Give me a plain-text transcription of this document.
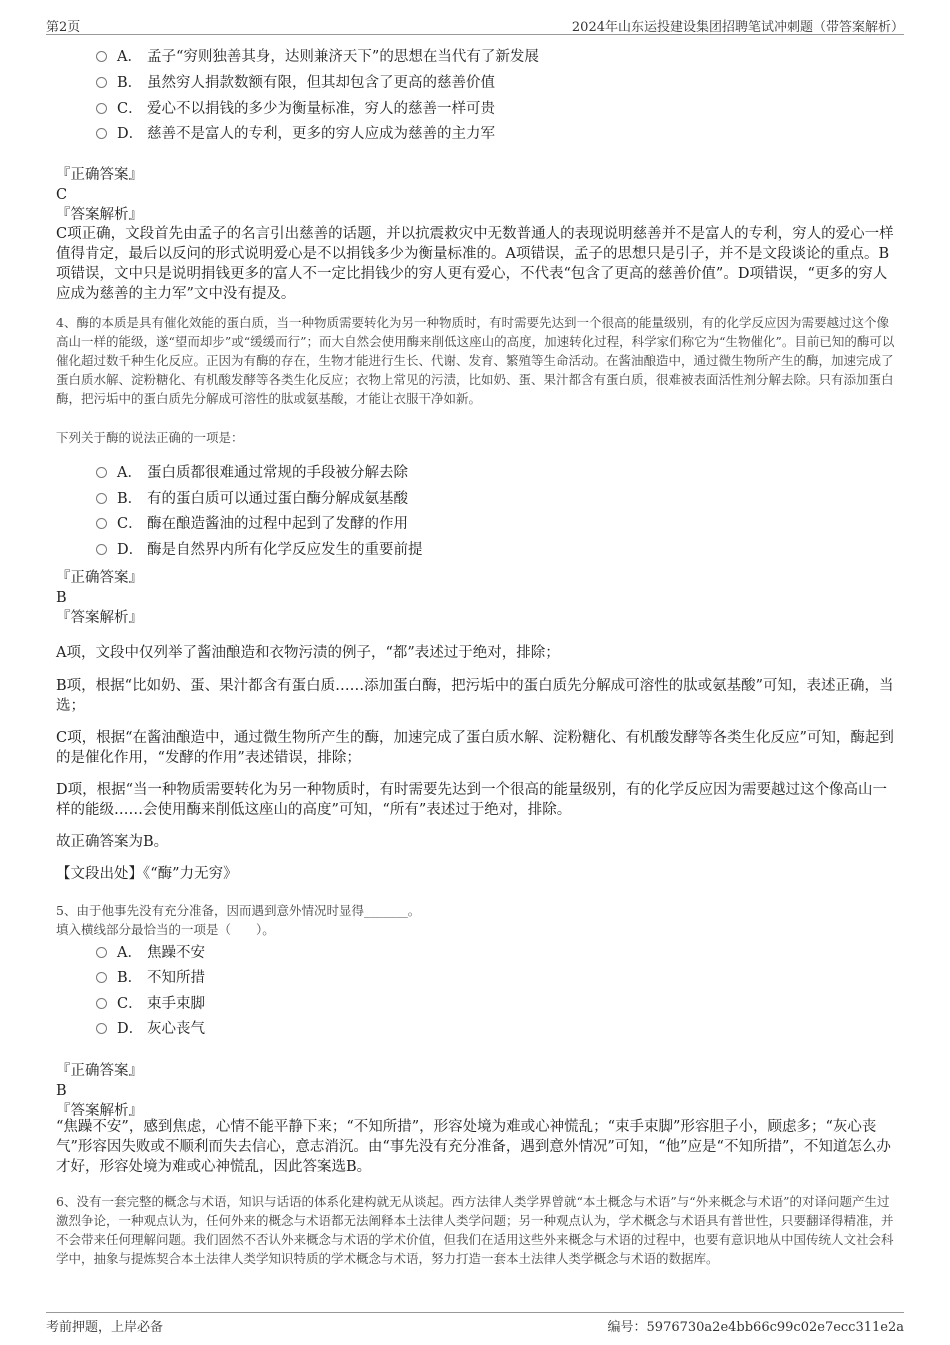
第2页	2024年山东运投建设集团招聘笔试冲刺题（带答案解析）
A． 孟子“穷则独善其身，达则兼济天下”的思想在当代有了新发展
B． 虽然穷人捐款数额有限，但其却包含了更高的慈善价值
C． 爱心不以捐钱的多少为衡量标准，穷人的慈善一样可贵
D． 慈善不是富人的专利，更多的穷人应成为慈善的主力军
『正确答案』
C
『答案解析』
C项正确，文段首先由孟子的名言引出慈善的话题，并以抗震救灾中无数普通人的表现说明慈善并不是富人的专利，穷人的爱心一样值得肯定，最后以反问的形式说明爱心是不以捐钱多少为衡量标准的。A项错误，孟子的思想只是引子，并不是文段谈论的重点。B项错误，文中只是说明捐钱更多的富人不一定比捐钱少的穷人更有爱心，不代表“包含了更高的慈善价值”。D项错误，“更多的穷人应成为慈善的主力军”文中没有提及。
4、酶的本质是具有催化效能的蛋白质，当一种物质需要转化为另一种物质时，有时需要先达到一个很高的能量级别，有的化学反应因为需要越过这个像高山一样的能级，遂“望而却步”或“缓缓而行”；而大自然会使用酶来削低这座山的高度，加速转化过程，科学家们称它为“生物催化”。目前已知的酶可以催化超过数千种生化反应。正因为有酶的存在，生物才能进行生长、代谢、发育、繁殖等生命活动。在酱油酿造中，通过微生物所产生的酶，加速完成了蛋白质水解、淀粉糖化、有机酸发酵等各类生化反应；衣物上常见的污渍，比如奶、蛋、果汁都含有蛋白质，很难被表面活性剂分解去除。只有添加蛋白酶，把污垢中的蛋白质先分解成可溶性的肽或氨基酸，才能让衣服干净如新。
下列关于酶的说法正确的一项是：
A． 蛋白质都很难通过常规的手段被分解去除
B． 有的蛋白质可以通过蛋白酶分解成氨基酸
C． 酶在酿造酱油的过程中起到了发酵的作用
D． 酶是自然界内所有化学反应发生的重要前提
『正确答案』
B
『答案解析』
A项，文段中仅列举了酱油酿造和衣物污渍的例子，“都”表述过于绝对，排除；
B项，根据“比如奶、蛋、果汁都含有蛋白质……添加蛋白酶，把污垢中的蛋白质先分解成可溶性的肽或氨基酸”可知，表述正确，当选；
C项，根据“在酱油酿造中，通过微生物所产生的酶，加速完成了蛋白质水解、淀粉糖化、有机酸发酵等各类生化反应”可知，酶起到的是催化作用，“发酵的作用”表述错误，排除；
D项，根据“当一种物质需要转化为另一种物质时，有时需要先达到一个很高的能量级别，有的化学反应因为需要越过这个像高山一样的能级……会使用酶来削低这座山的高度”可知，“所有”表述过于绝对，排除。
故正确答案为B。
【文段出处】《“酶”力无穷》
5、由于他事先没有充分准备，因而遇到意外情况时显得_______。
填入横线部分最恰当的一项是（　　）。
A． 焦躁不安
B． 不知所措
C． 束手束脚
D． 灰心丧气
『正确答案』
B
『答案解析』
“焦躁不安”，感到焦虑，心情不能平静下来；“不知所措”，形容处境为难或心神慌乱；“束手束脚”形容胆子小，顾虑多；“灰心丧气”形容因失败或不顺利而失去信心，意志消沉。由“事先没有充分准备，遇到意外情况”可知，“他”应是“不知所措”，不知道怎么办才好，形容处境为难或心神慌乱，因此答案选B。
6、没有一套完整的概念与术语，知识与话语的体系化建构就无从谈起。西方法律人类学界曾就“本土概念与术语”与“外来概念与术语”的对译问题产生过激烈争论，一种观点认为，任何外来的概念与术语都无法阐释本土法律人类学问题；另一种观点认为，学术概念与术语具有普世性，只要翻译得精准，并不会带来任何理解问题。我们固然不否认外来概念与术语的学术价值，但我们在适用这些外来概念与术语的过程中，也要有意识地从中国传统人文社会科学中，抽象与提炼契合本土法律人类学知识特质的学术概念与术语，努力打造一套本土法律人类学概念与术语的数据库。
考前押题，上岸必备	编号：5976730a2e4bb66c99c02e7ecc311e2a
